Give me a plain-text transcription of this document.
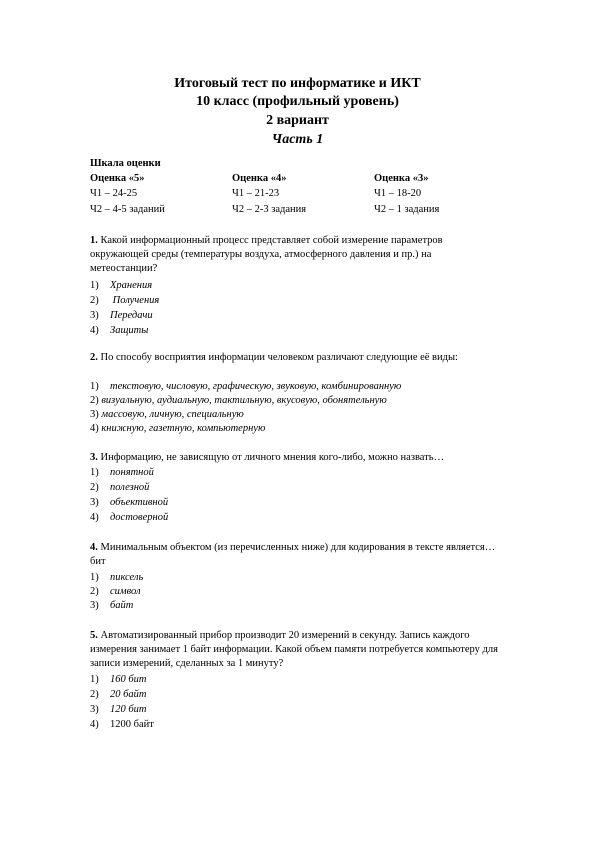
Итоговый тест по информатике и ИКТ
10 класс (профильный уровень)
2 вариант
Часть 1
Шкала оценки
Оценка «5»
Ч1 – 24-25
Ч2 – 4-5 заданий
Оценка «4»
Ч1 – 21-23
Ч2 – 2-3 задания
Оценка «3»
Ч1 – 18-20
Ч2 – 1 задания
1. Какой информационный процесс представляет собой измерение параметров окружающей среды (температуры воздуха, атмосферного давления и пр.) на метеостанции?
1) Хранения
2) Получения
3) Передачи
4) Защиты
2. По способу восприятия информации человеком различают следующие её виды:
1) текстовую, числовую, графическую, звуковую, комбинированную
2) визуальную, аудиальную, тактильную, вкусовую, обонятельную
3) массовую, личную, специальную
4) книжную, газетную, компьютерную
3. Информацию, не зависящую от личного мнения кого-либо, можно назвать…
1) понятной
2) полезной
3) объективной
4) достоверной
4. Минимальным объектом (из перечисленных ниже) для кодирования в тексте является…бит
1) пиксель
2) символ
3) байт
5. Автоматизированный прибор производит 20 измерений в секунду. Запись каждого измерения занимает 1 байт информации. Какой объем памяти потребуется компьютеру для записи измерений, сделанных за 1 минуту?
1) 160 бит
2) 20 байт
3) 120 бит
4) 1200 байт
